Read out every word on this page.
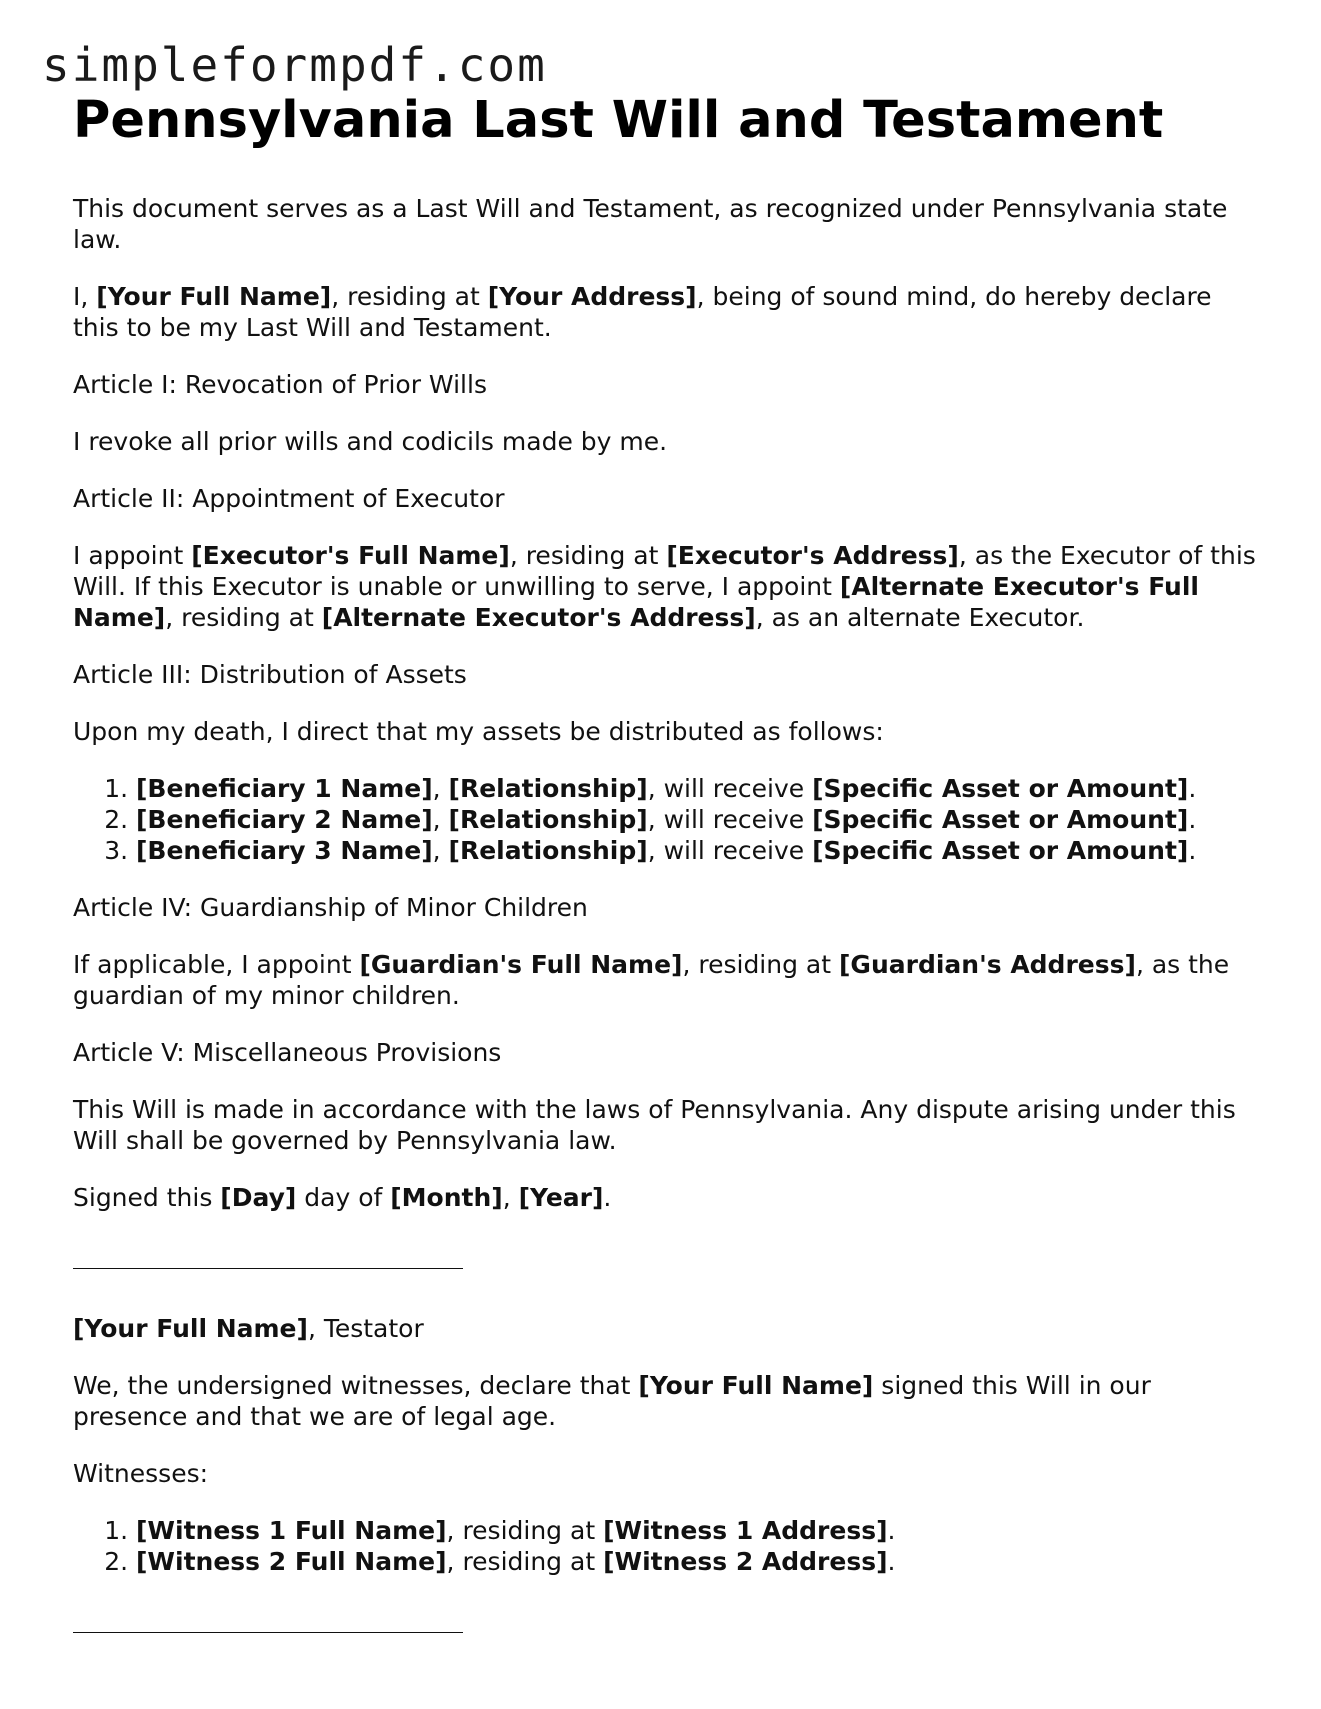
simpleformpdf.com
Pennsylvania Last Will and Testament

This document serves as a Last Will and Testament, as recognized under Pennsylvania state law.

I, [Your Full Name], residing at [Your Address], being of sound mind, do hereby declare this to be my Last Will and Testament.

Article I: Revocation of Prior Wills

I revoke all prior wills and codicils made by me.

Article II: Appointment of Executor

I appoint [Executor's Full Name], residing at [Executor's Address], as the Executor of this Will. If this Executor is unable or unwilling to serve, I appoint [Alternate Executor's Full Name], residing at [Alternate Executor's Address], as an alternate Executor.

Article III: Distribution of Assets

Upon my death, I direct that my assets be distributed as follows:

1. [Beneficiary 1 Name], [Relationship], will receive [Specific Asset or Amount].
2. [Beneficiary 2 Name], [Relationship], will receive [Specific Asset or Amount].
3. [Beneficiary 3 Name], [Relationship], will receive [Specific Asset or Amount].

Article IV: Guardianship of Minor Children

If applicable, I appoint [Guardian's Full Name], residing at [Guardian's Address], as the guardian of my minor children.

Article V: Miscellaneous Provisions

This Will is made in accordance with the laws of Pennsylvania. Any dispute arising under this Will shall be governed by Pennsylvania law.

Signed this [Day] day of [Month], [Year].

[Your Full Name], Testator

We, the undersigned witnesses, declare that [Your Full Name] signed this Will in our presence and that we are of legal age.

Witnesses:

1. [Witness 1 Full Name], residing at [Witness 1 Address].
2. [Witness 2 Full Name], residing at [Witness 2 Address].
